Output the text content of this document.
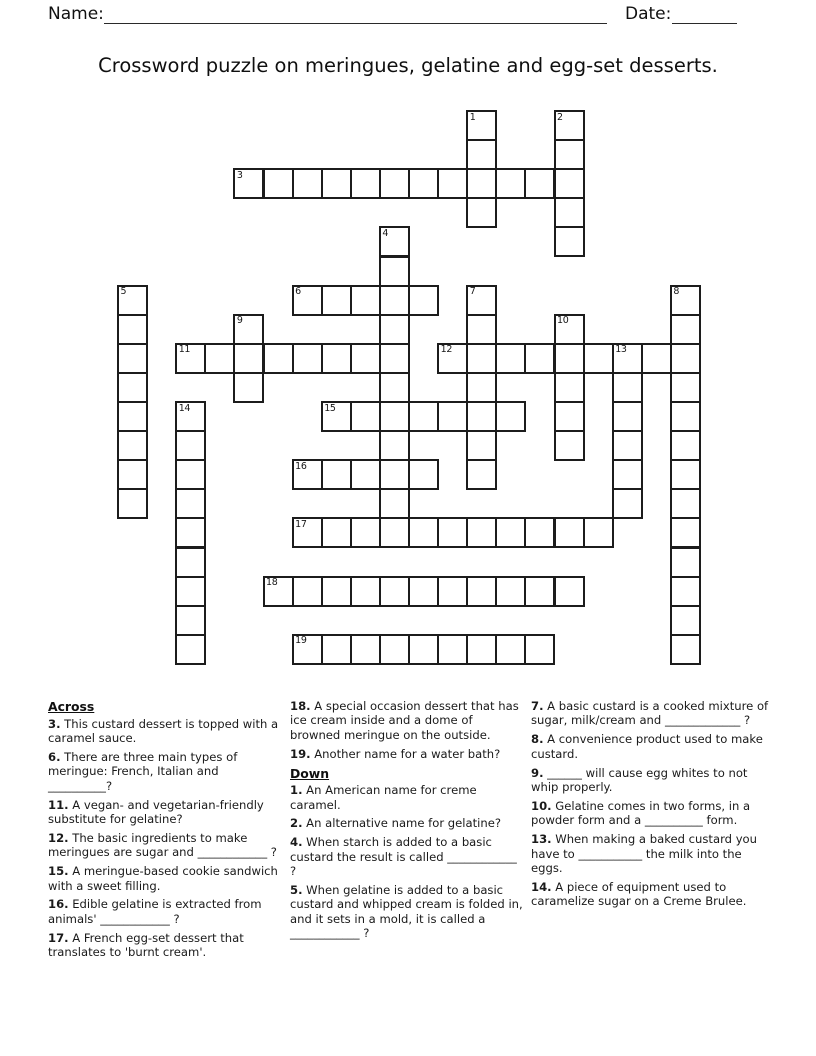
Name:	Date:
Crossword puzzle on meringues, gelatine and egg-set desserts.
3
6
11	12	13
15
16
17
18
19
1	2
4
5	7	8
9	10
14
Across

3. This custard dessert is topped with a caramel sauce.

6. There are three main types of meringue: French, Italian and __________?

11. A vegan- and vegetarian-friendly substitute for gelatine?

12. The basic ingredients to make meringues are sugar and ____________ ?

15. A meringue-based cookie sandwich with a sweet filling.

16. Edible gelatine is extracted from animals' ____________ ?

17. A French egg-set dessert that translates to 'burnt cream'.

18. A special occasion dessert that has ice cream inside and a dome of browned meringue on the outside.

19. Another name for a water bath?

Down

1. An American name for creme caramel.

2. An alternative name for gelatine?

4. When starch is added to a basic custard the result is called ____________ ?

5. When gelatine is added to a basic custard and whipped cream is folded in, and it sets in a mold, it is called a ____________ ?

7. A basic custard is a cooked mixture of sugar, milk/cream and _____________ ?

8. A convenience product used to make custard.

9. ______ will cause egg whites to not whip properly.

10. Gelatine comes in two forms, in a powder form and a __________ form.

13. When making a baked custard you have to ___________ the milk into the eggs.

14. A piece of equipment used to caramelize sugar on a Creme Brulee.
